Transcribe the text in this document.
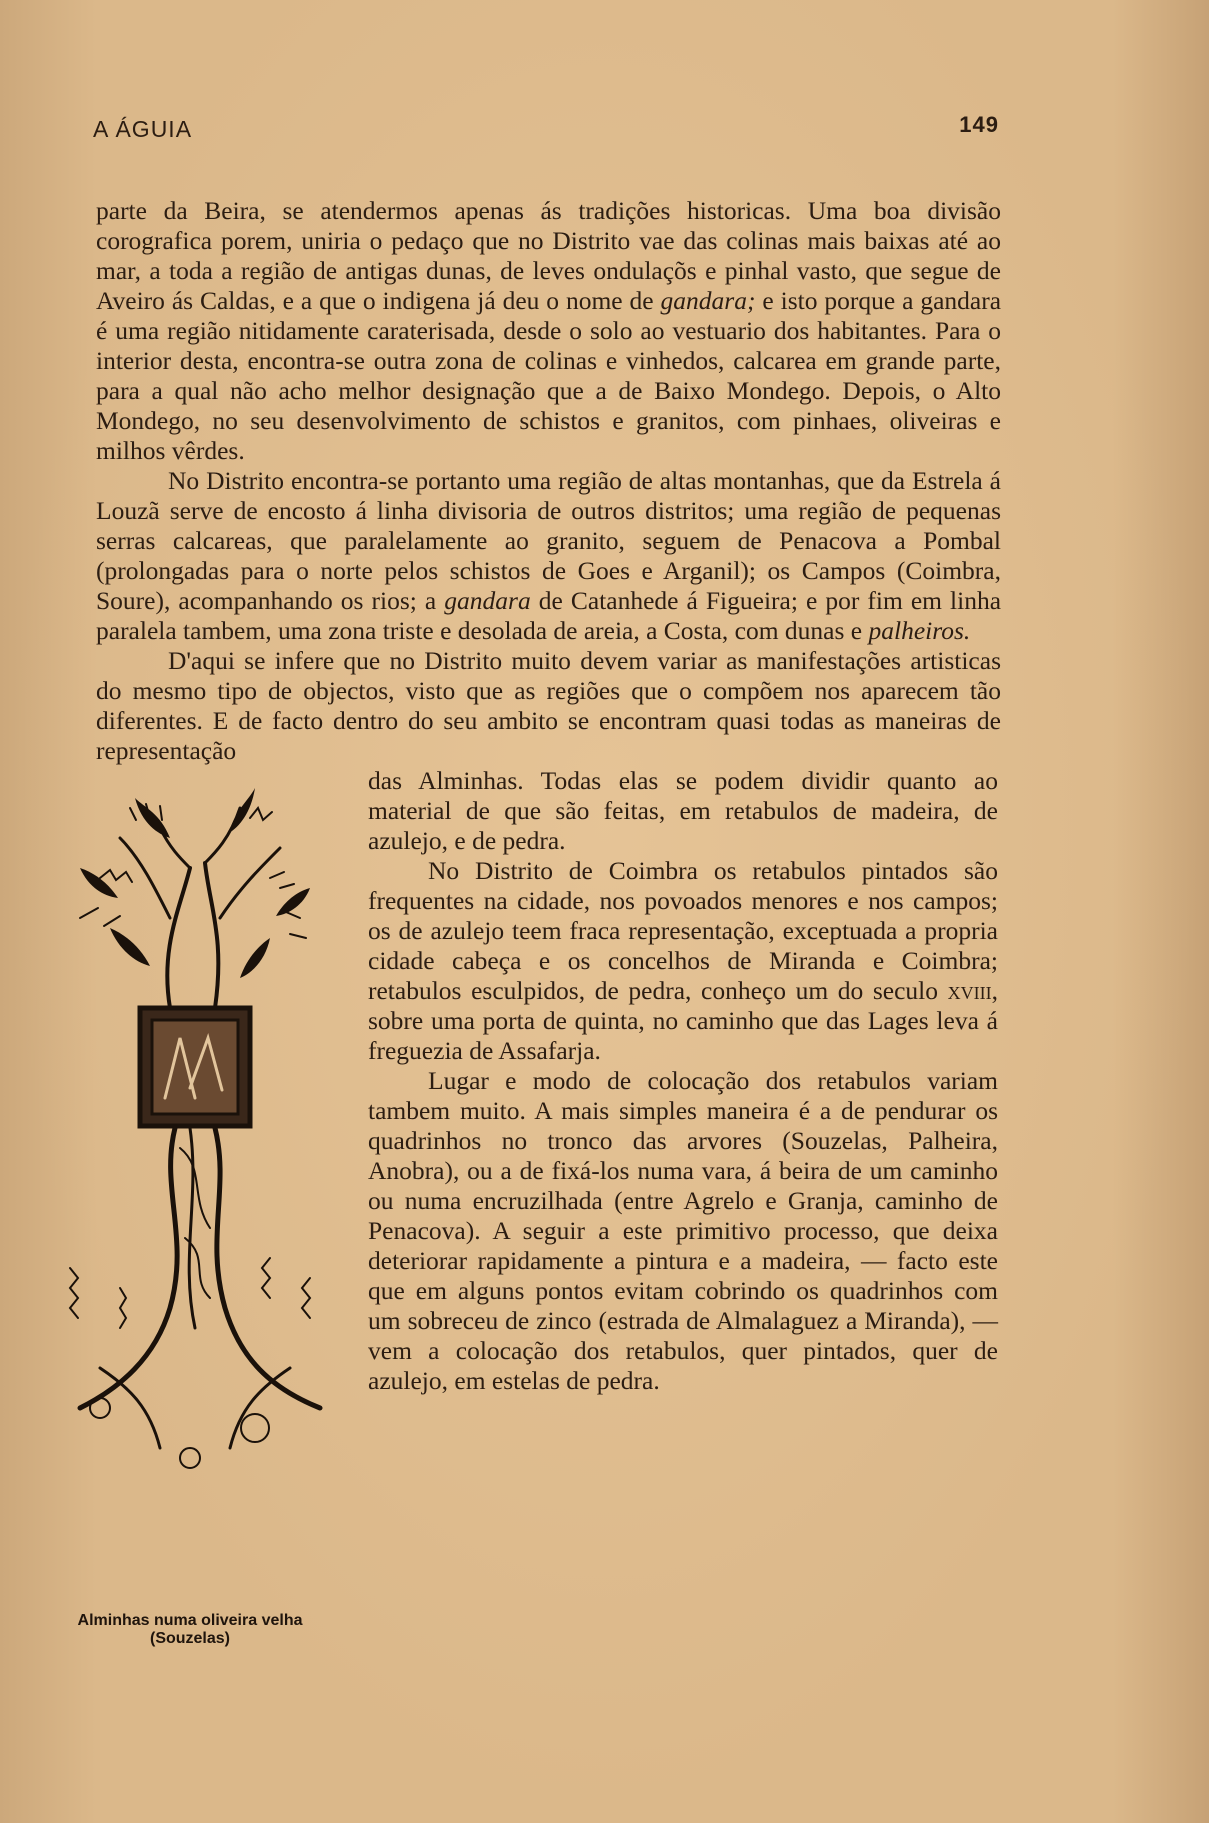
A ÁGUIA	149

parte da Beira, se atendermos apenas ás tradições historicas. Uma boa divisão corografica porem, uniria o pedaço que no Distrito vae das colinas mais baixas até ao mar, a toda a região de antigas dunas, de leves ondulaçõs e pinhal vasto, que segue de Aveiro ás Caldas, e a que o indigena já deu o nome de gandara; e isto porque a gandara é uma região nitidamente caraterisada, desde o solo ao vestuario dos habitantes. Para o interior desta, encontra-se outra zona de colinas e vinhedos, calcarea em grande parte, para a qual não acho melhor designação que a de Baixo Mondego. Depois, o Alto Mondego, no seu desenvolvimento de schistos e granitos, com pinhaes, oliveiras e milhos vêrdes.

No Distrito encontra-se portanto uma região de altas montanhas, que da Estrela á Louzã serve de encosto á linha divisoria de outros distritos; uma região de pequenas serras calcareas, que paralelamente ao granito, seguem de Penacova a Pombal (prolongadas para o norte pelos schistos de Goes e Arganil); os Campos (Coimbra, Soure), acompanhando os rios; a gandara de Catanhede á Figueira; e por fim em linha paralela tambem, uma zona triste e desolada de areia, a Costa, com dunas e palheiros.

D'aqui se infere que no Distrito muito devem variar as manifestações artisticas do mesmo tipo de objectos, visto que as regiões que o compõem nos aparecem tão diferentes. E de facto dentro do seu ambito se encontram quasi todas as maneiras de representação

Alminhas numa oliveira velha
(Souzelas)

das Alminhas. Todas elas se podem dividir quanto ao material de que são feitas, em retabulos de madeira, de azulejo, e de pedra.

No Distrito de Coimbra os retabulos pintados são frequentes na cidade, nos povoados menores e nos campos; os de azulejo teem fraca representação, exceptuada a propria cidade cabeça e os concelhos de Miranda e Coimbra; retabulos esculpidos, de pedra, conheço um do seculo xviii, sobre uma porta de quinta, no caminho que das Lages leva á freguezia de Assafarja.

Lugar e modo de colocação dos retabulos variam tambem muito. A mais simples maneira é a de pendurar os quadrinhos no tronco das arvores (Souzelas, Palheira, Anobra), ou a de fixá-los numa vara, á beira de um caminho ou numa encruzilhada (entre Agrelo e Granja, caminho de Penacova). A seguir a este primitivo processo, que deixa deteriorar rapidamente a pintura e a madeira, — facto este que em alguns pontos evitam cobrindo os quadrinhos com um sobreceu de zinco (estrada de Almalaguez a Miranda), — vem a colocação dos retabulos, quer pintados, quer de azulejo, em estelas de pedra.
